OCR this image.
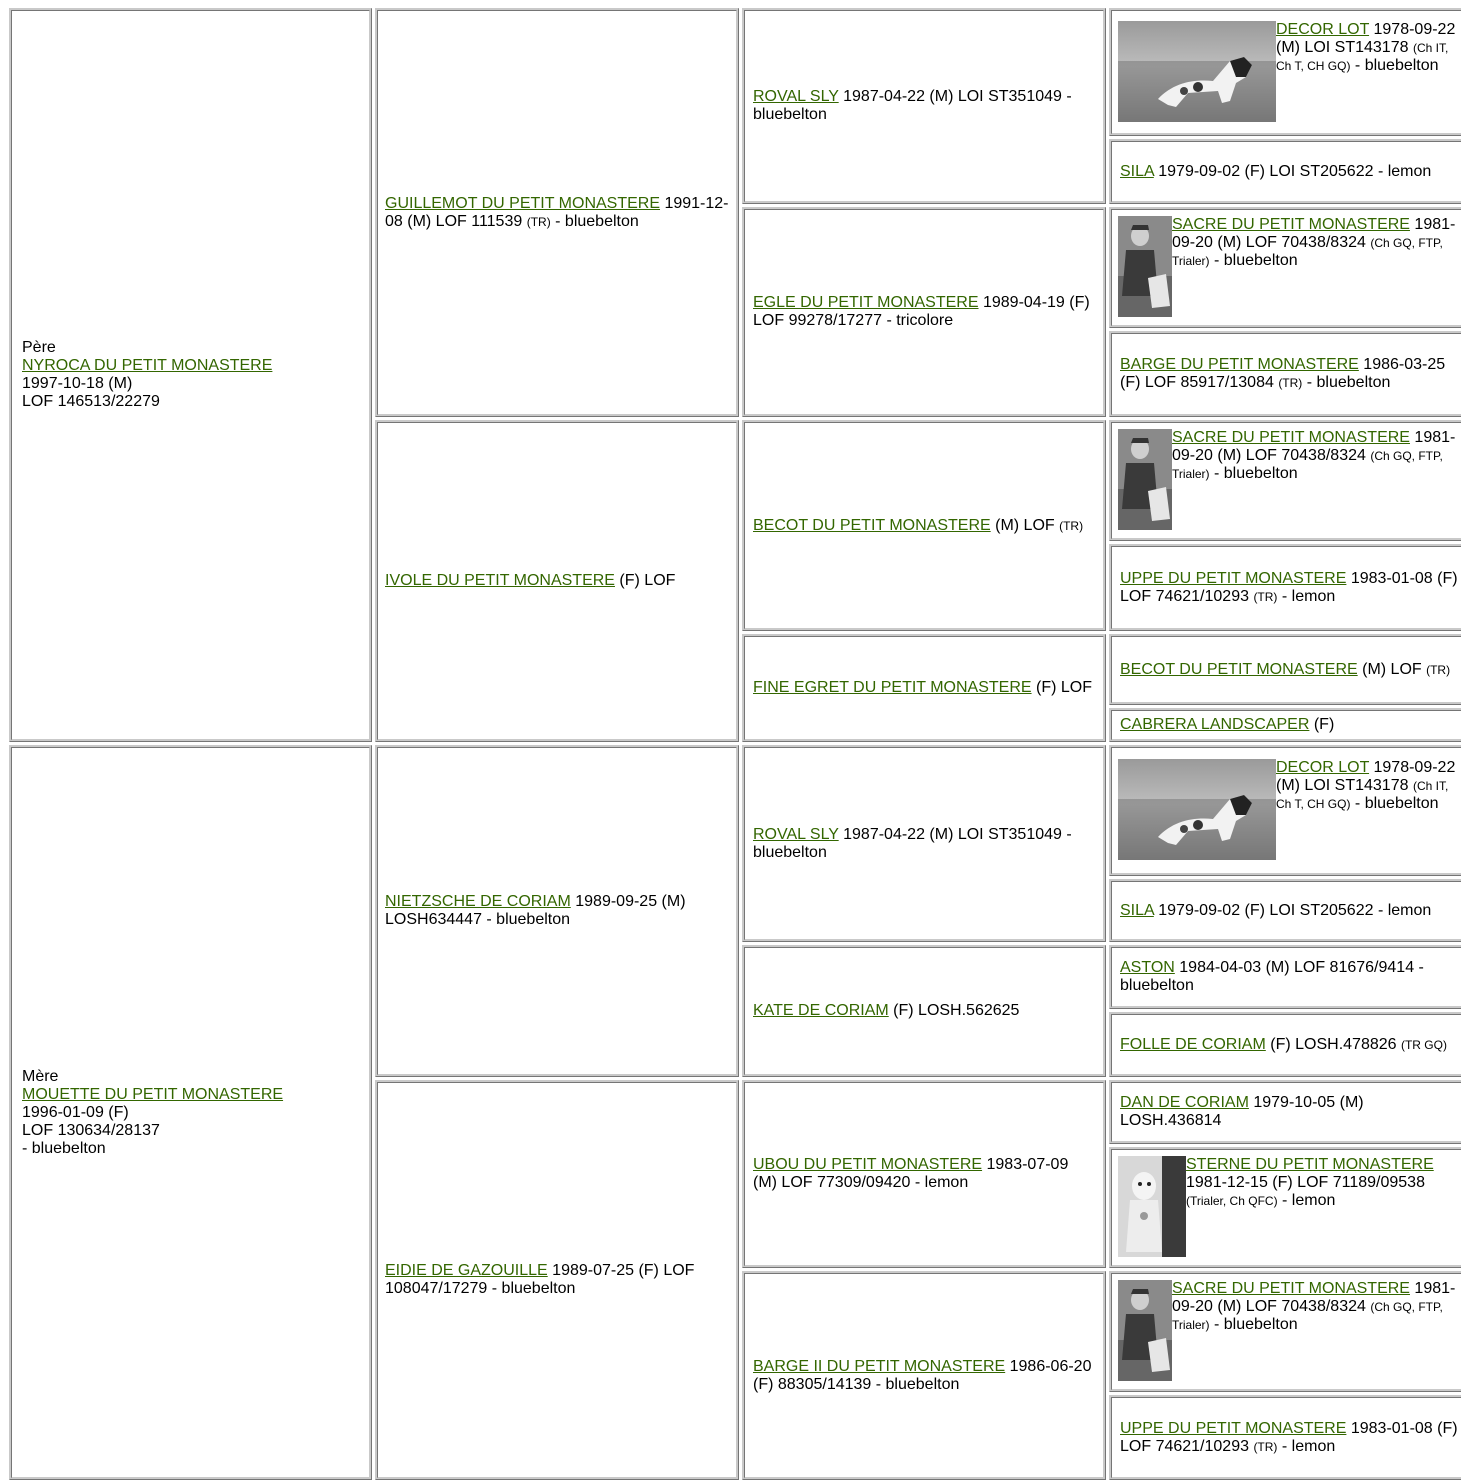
Père
NYROCA DU PETIT MONASTERE
1997-10-18 (M)
LOF 146513/22279
Mère
MOUETTE DU PETIT MONASTERE
1996-01-09 (F)
LOF 130634/28137
- bluebelton
GUILLEMOT DU PETIT MONASTERE 1991-12-08 (M) LOF 111539 (TR) - bluebelton
IVOLE DU PETIT MONASTERE (F) LOF
NIETZSCHE DE CORIAM 1989-09-25 (M) LOSH634447 - bluebelton
EIDIE DE GAZOUILLE 1989-07-25 (F) LOF 108047/17279 - bluebelton
ROVAL SLY 1987-04-22 (M) LOI ST351049 - bluebelton
EGLE DU PETIT MONASTERE 1989-04-19 (F) LOF 99278/17277 - tricolore
BECOT DU PETIT MONASTERE (M) LOF (TR)
FINE EGRET DU PETIT MONASTERE (F) LOF
ROVAL SLY 1987-04-22 (M) LOI ST351049 - bluebelton
KATE DE CORIAM (F) LOSH.562625
UBOU DU PETIT MONASTERE 1983-07-09 (M) LOF 77309/09420 - lemon
BARGE II DU PETIT MONASTERE 1986-06-20 (F) 88305/14139 - bluebelton
DECOR LOT 1978-09-22 (M) LOI ST143178 (Ch IT, Ch T, CH GQ) - bluebelton
SILA 1979-09-02 (F) LOI ST205622 - lemon
SACRE DU PETIT MONASTERE 1981-09-20 (M) LOF 70438/8324 (Ch GQ, FTP, Trialer) - bluebelton
BARGE DU PETIT MONASTERE 1986-03-25 (F) LOF 85917/13084 (TR) - bluebelton
SACRE DU PETIT MONASTERE 1981-09-20 (M) LOF 70438/8324 (Ch GQ, FTP, Trialer) - bluebelton
UPPE DU PETIT MONASTERE 1983-01-08 (F) LOF 74621/10293 (TR) - lemon
BECOT DU PETIT MONASTERE (M) LOF (TR)
CABRERA LANDSCAPER (F)
DECOR LOT 1978-09-22 (M) LOI ST143178 (Ch IT, Ch T, CH GQ) - bluebelton
SILA 1979-09-02 (F) LOI ST205622 - lemon
ASTON 1984-04-03 (M) LOF 81676/9414 - bluebelton
FOLLE DE CORIAM (F) LOSH.478826 (TR GQ)
DAN DE CORIAM 1979-10-05 (M) LOSH.436814
STERNE DU PETIT MONASTERE 1981-12-15 (F) LOF 71189/09538 (Trialer, Ch QFC) - lemon
SACRE DU PETIT MONASTERE 1981-09-20 (M) LOF 70438/8324 (Ch GQ, FTP, Trialer) - bluebelton
UPPE DU PETIT MONASTERE 1983-01-08 (F) LOF 74621/10293 (TR) - lemon
